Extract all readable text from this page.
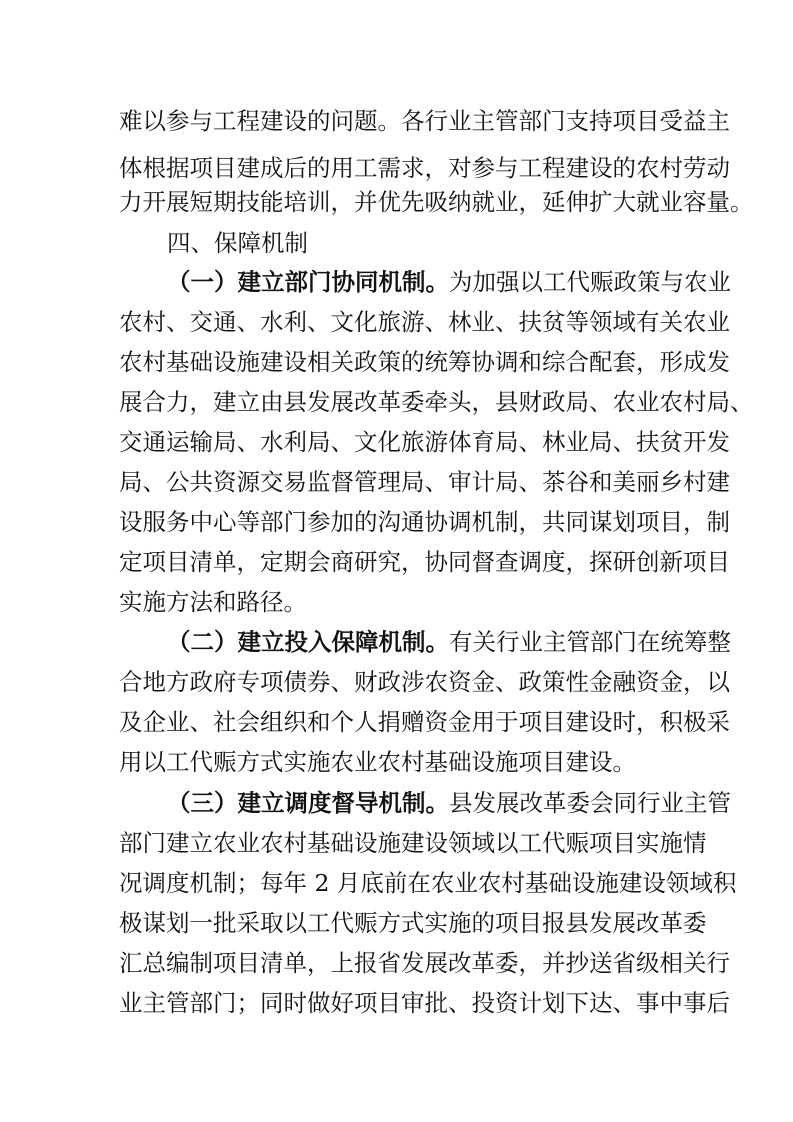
难以参与工程建设的问题。各行业主管部门支持项目受益主
体根据项目建成后的用工需求，对参与工程建设的农村劳动
力开展短期技能培训，并优先吸纳就业，延伸扩大就业容量。
四、保障机制
（一）建立部门协同机制。为加强以工代赈政策与农业
农村、交通、水利、文化旅游、林业、扶贫等领域有关农业
农村基础设施建设相关政策的统筹协调和综合配套，形成发
展合力，建立由县发展改革委牵头，县财政局、农业农村局、
交通运输局、水利局、文化旅游体育局、林业局、扶贫开发
局、公共资源交易监督管理局、审计局、茶谷和美丽乡村建
设服务中心等部门参加的沟通协调机制，共同谋划项目，制
定项目清单，定期会商研究，协同督查调度，探研创新项目
实施方法和路径。
（二）建立投入保障机制。有关行业主管部门在统筹整
合地方政府专项债券、财政涉农资金、政策性金融资金，以
及企业、社会组织和个人捐赠资金用于项目建设时，积极采
用以工代赈方式实施农业农村基础设施项目建设。
（三）建立调度督导机制。县发展改革委会同行业主管
部门建立农业农村基础设施建设领域以工代赈项目实施情
况调度机制；每年 2 月底前在农业农村基础设施建设领域积
极谋划一批采取以工代赈方式实施的项目报县发展改革委
汇总编制项目清单，上报省发展改革委，并抄送省级相关行
业主管部门；同时做好项目审批、投资计划下达、事中事后
